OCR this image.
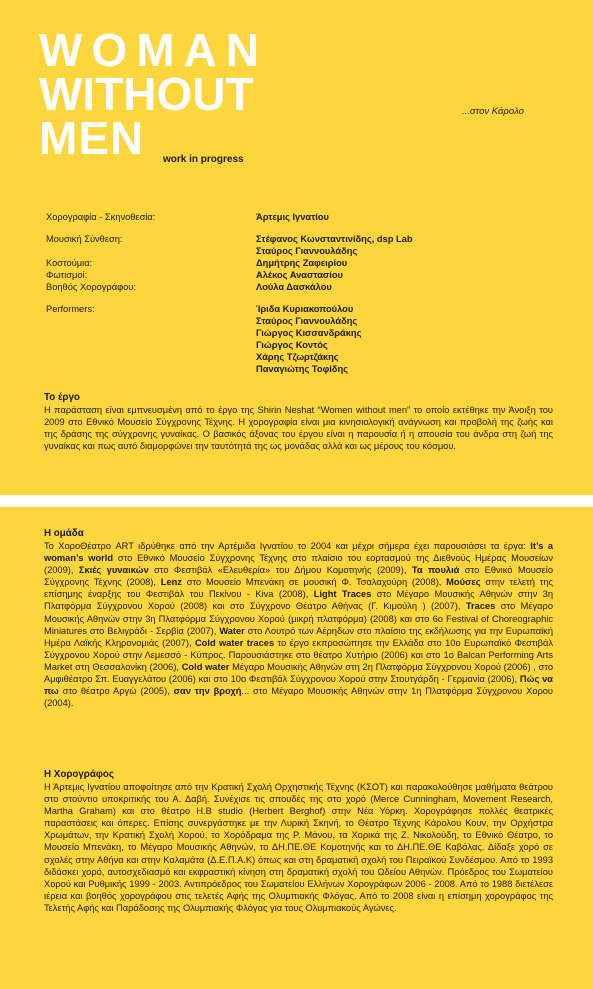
WOMAN
WITHOUT
MEN	work in progress
...στον Κάρολο
Χορογραφία - Σκηνοθεσία:	Άρτεμις Ιγνατίου
Μουσική Σύνθεση:	Στέφανος Κωνσταντινίδης, dsp Lab
Σταύρος Γιαννουλάδης
Κοστούμια:	Δημήτρης Ζαφειρίου
Φωτισμοί:	Αλέκος Αναστασίου
Βοηθός Χορογράφου:	Λούλα Δασκάλου
Performers:	Ίριδα Κυριακοπούλου
Σταύρος Γιαννουλάδης
Γιώργος Κισσανδράκης
Γιώργος Κοντός
Χάρης Τζωρτζάκης
Παναγιώτης Τοφίδης
Το έργο

Η παράσταση είναι εμπνευσμένη από το έργο της Shirin Neshat “Women without men” το οποίο εκτέθηκε την Άνοιξη του 2009 στο Εθνικό Μουσείο Σύγχρονης Τέχνης. Η χορογραφία είναι μια κινησιολογική ανάγνωση και προβολή της ζωής και της δράσης της σύγχρονης γυναίκας. Ο βασικός άξονας του έργου είναι η παρουσία ή η απουσία του άνδρα στη ζωή της γυναίκας και πως αυτό διαμορφώνει την ταυτότητά της ως μονάδας αλλά και ως μέρους του κόσμου.

Η ομάδα

Το ΧοροΘέατρο ART ιδρύθηκε από την Αρτέμιδα Ιγνατίου το 2004 και μέχρι σήμερα έχει παρουσιάσει τα έργα: It’s a woman’s world στο Εθνικό Μουσείο Σύγχρονης Τέχνης στο πλαίσιο του εορτασμού της Διεθνούς Ημέρας Μουσείων (2009), Σκιές γυναικών στο Φεστιβάλ «Ελευθερία» του Δήμου Κομοτηνής (2009), Τα πουλιά στο Εθνικό Μουσείο Σύγχρονης Τέχνης (2008), Lenz στο Μουσείο Μπενάκη σε μουσική Φ. Τσαλαχούρη (2008), Μούσες στην τελετή της επίσημης έναρξης του Φεστιβάλ του Πεκίνου - Kiva (2008), Light Traces στο Μέγαρο Μουσικής Αθηνών στην 3η Πλατφόρμα Σύγχρονου Χορού (2008) και στο Σύγχρονο Θέατρο Αθήνας (Γ. Κιμούλη ) (2007), Traces στο Μέγαρο Μουσικής Αθηνών στην 3η Πλατφόρμα Σύγχρονου Χορού (μικρή πλατφόρμα) (2008) και στο 6ο Festival of Choreographic Miniatures στο Βελιγράδι - Σερβία (2007), Water στο Λουτρό των Αέρηδων στο πλαίσιο της εκδήλωσης για την Ευρωπαϊκή Ημέρα Λαϊκής Κληρονομιάς (2007), Cold water traces το έργο εκπροσώπησε την Ελλάδα στο 10ο Ευρωπαϊκό Φεστιβάλ Σύγχρονου Χορού στην Λεμεσσό - Κύπρος. Παρουσιάστηκε στο θέατρο Χυτήριο (2006) και στο 1ο Balcan Performing Arts Market στη Θεσσαλονίκη (2006), Cold water Μέγαρο Μουσικής Αθηνών στη 2η Πλατφόρμα Σύγχρονου Χορού (2006) , στο Αμφιθέατρο Σπ. Ευαγγελάτου (2006) και στο 10ο Φεστιβάλ Σύγχρονου Χορού στην Στουτγάρδη - Γερμανία (2006), Πώς να πω στο θέατρο Αργώ (2005), σαν την βροχή... στο Μέγαρο Μουσικής Αθηνών στην 1η Πλατφόρμα Σύγχρονου Χορου (2004).

Η Χορογράφος

Η Άρτεμις Ιγνατίου αποφοίτησε από την Κρατική Σχολή Ορχηστικής Τέχνης (ΚΣΟΤ) και παρακολούθησε μαθήματα θεάτρου στο στούντιο υποκριτικής του Α. Δαβή. Συνέχισε τις σπουδές της στο χορό (Merce Cunningham, Movement Research, Martha Graham) και στο θέατρο H.B studio (Herbert Berghof) στην Νέα Υόρκη. Χορογράφησε πολλές θεατρικές παραστάσεις και όπερες. Επίσης συνεργάστηκε με την Λυρική Σκηνή, το Θέατρο Τέχνης Κάρολου Κουν, την Ορχήστρα Χρωμάτων, την Κρατική Σχολή Χορού, το Χορόδραμα της Ρ. Μάνου, τα Χορικά της Ζ. Νικολούδη, το Εθνικό Θέατρο, το Μουσείο Μπενάκη, το Μέγαρο Μουσικής Αθηνών, το ΔΗ.ΠΕ.ΘΕ Κομοτηνής και το ΔΗ.ΠΕ.ΘΕ Καβάλας. Δίδαξε χορό σε σχολές στην Αθήνα και στην Καλαμάτα (Δ.Ε.Π.Α.Κ) όπως και στη δραματική σχολή του Πειραϊκού Συνδέσμου. Από το 1993 διδάσκει χορό, αυτοσχεδιασμό και εκφραστική κίνηση στη δραματική σχολή του Ωδείου Αθηνών. Πρόεδρος του Σωματείου Χορού και Ρυθμικής 1999 - 2003. Αντιπρόεδρος του Σωματείου Ελλήνων Χορογράφων 2006 - 2008. Από το 1988 διετέλεσε ιέρεια και βοηθός χορογράφου στις τελετές Αφής της Ολυμπιακής Φλόγας. Από το 2008 είναι η επίσημη χορογράφος της Τελετής Αφής και Παράδοσης της Ολυμπιακής Φλόγας για τους Ολυμπιακούς Αγώνες.
